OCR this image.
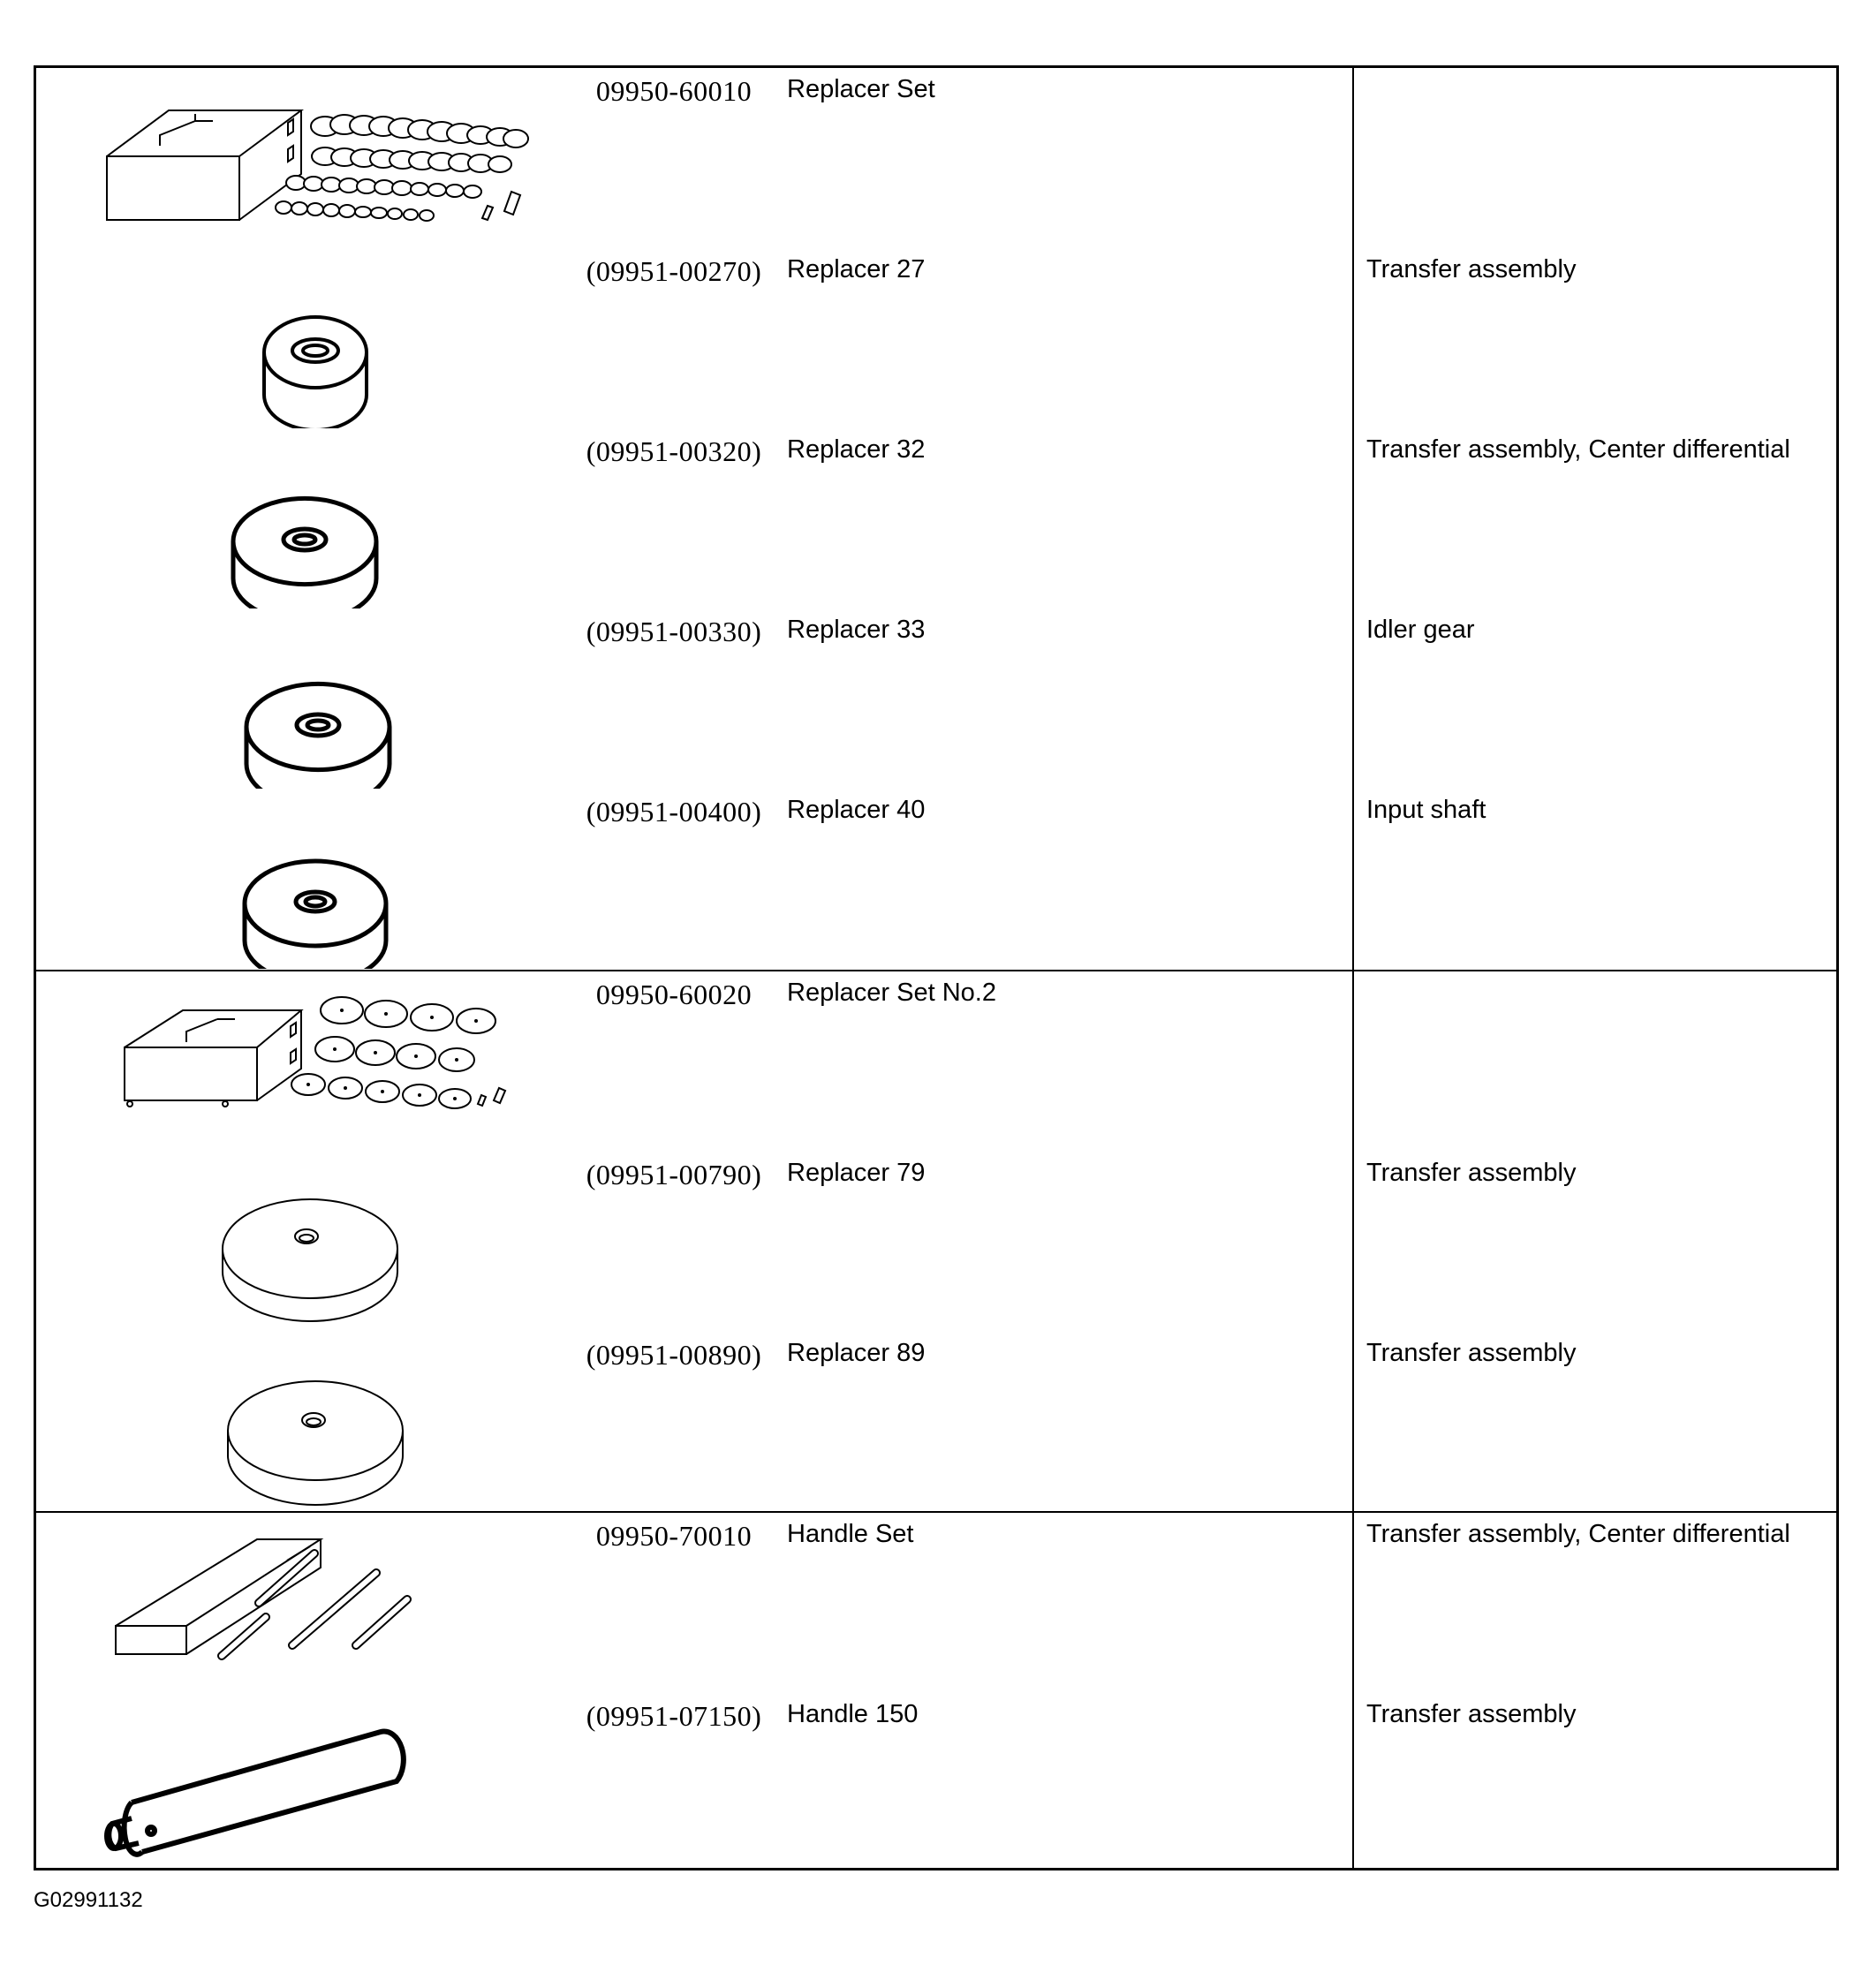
09950-60010	Replacer Set
(09951-00270) Replacer 27	Transfer assembly
(09951-00320) Replacer 32	Transfer assembly, Center differential
(09951-00330) Replacer 33	Idler gear
(09951-00400) Replacer 40	Input shaft
09950-60020	Replacer Set No.2
(09951-00790) Replacer 79	Transfer assembly
(09951-00890) Replacer 89	Transfer assembly
09950-70010	Handle Set	Transfer assembly, Center differential
(09951-07150) Handle 150	Transfer assembly
G02991132
